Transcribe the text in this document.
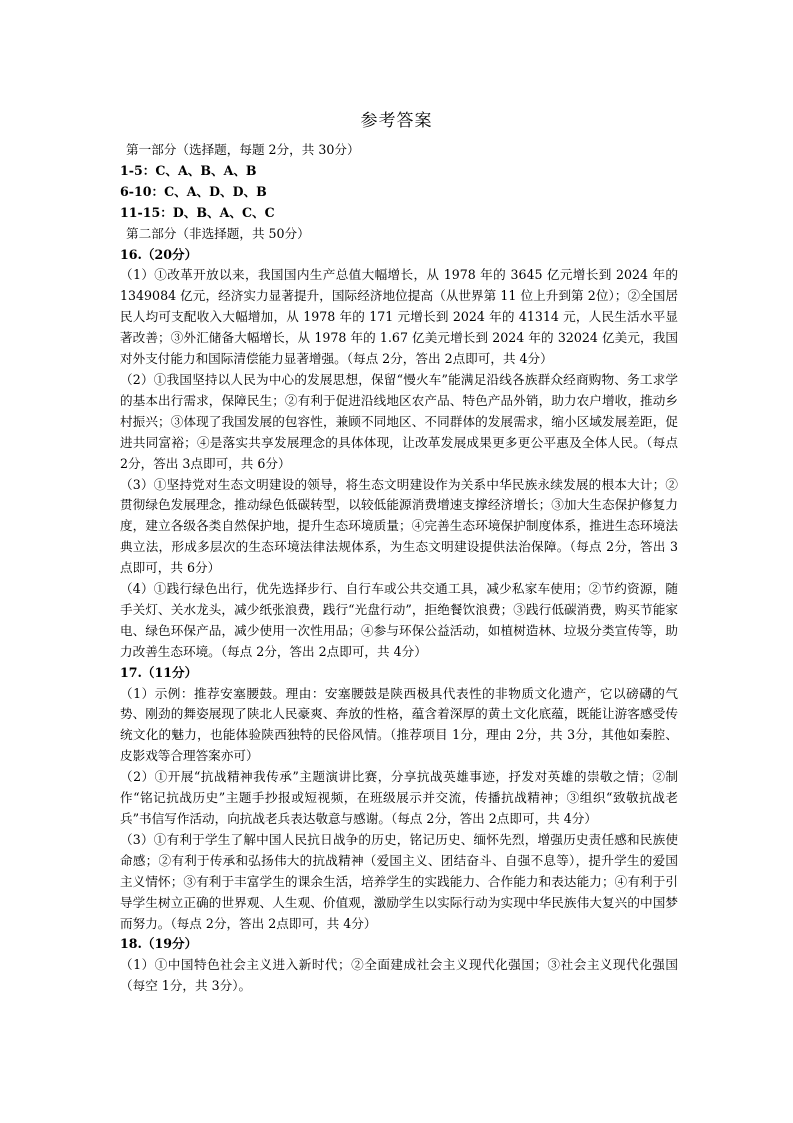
参考答案

第一部分（选择题，每题 2分，共 30分）

1-5：C、A、B、A、B

6-10：C、A、D、D、B

11-15：D、B、A、C、C

第二部分（非选择题，共 50分）

16.（20分）

（1）①改革开放以来，我国国内生产总值大幅增长，从 1978 年的 3645 亿元增长到 2024 年的 1349084 亿元，经济实力显著提升，国际经济地位提高（从世界第 11 位上升到第 2位）；②全国居民人均可支配收入大幅增加，从 1978 年的 171 元增长到 2024 年的 41314 元，人民生活水平显著改善；③外汇储备大幅增长，从 1978 年的 1.67 亿美元增长到 2024 年的 32024 亿美元，我国对外支付能力和国际清偿能力显著增强。（每点 2分，答出 2点即可，共 4分）

（2）①我国坚持以人民为中心的发展思想，保留“慢火车”能满足沿线各族群众经商购物、务工求学的基本出行需求，保障民生；②有利于促进沿线地区农产品、特色产品外销，助力农户增收，推动乡村振兴；③体现了我国发展的包容性，兼顾不同地区、不同群体的发展需求，缩小区域发展差距，促进共同富裕；④是落实共享发展理念的具体体现，让改革发展成果更多更公平惠及全体人民。（每点 2分，答出 3点即可，共 6分）

（3）①坚持党对生态文明建设的领导，将生态文明建设作为关系中华民族永续发展的根本大计；②贯彻绿色发展理念，推动绿色低碳转型，以较低能源消费增速支撑经济增长；③加大生态保护修复力度，建立各级各类自然保护地，提升生态环境质量；④完善生态环境保护制度体系，推进生态环境法典立法，形成多层次的生态环境法律法规体系，为生态文明建设提供法治保障。（每点 2分，答出 3点即可，共 6分）

（4）①践行绿色出行，优先选择步行、自行车或公共交通工具，减少私家车使用；②节约资源，随手关灯、关水龙头，减少纸张浪费，践行“光盘行动”，拒绝餐饮浪费；③践行低碳消费，购买节能家电、绿色环保产品，减少使用一次性用品；④参与环保公益活动，如植树造林、垃圾分类宣传等，助力改善生态环境。（每点 2分，答出 2点即可，共 4分）

17.（11分）

（1）示例：推荐安塞腰鼓。理由：安塞腰鼓是陕西极具代表性的非物质文化遗产，它以磅礴的气势、刚劲的舞姿展现了陕北人民豪爽、奔放的性格，蕴含着深厚的黄土文化底蕴，既能让游客感受传统文化的魅力，也能体验陕西独特的民俗风情。（推荐项目 1分，理由 2分，共 3分，其他如秦腔、皮影戏等合理答案亦可）

（2）①开展“抗战精神我传承”主题演讲比赛，分享抗战英雄事迹，抒发对英雄的崇敬之情；②制作“铭记抗战历史”主题手抄报或短视频，在班级展示并交流，传播抗战精神；③组织“致敬抗战老兵”书信写作活动，向抗战老兵表达敬意与感谢。（每点 2分，答出 2点即可，共 4分）

（3）①有利于学生了解中国人民抗日战争的历史，铭记历史、缅怀先烈，增强历史责任感和民族使命感；②有利于传承和弘扬伟大的抗战精神（爱国主义、团结奋斗、自强不息等），提升学生的爱国主义情怀；③有利于丰富学生的课余生活，培养学生的实践能力、合作能力和表达能力；④有利于引导学生树立正确的世界观、人生观、价值观，激励学生以实际行动为实现中华民族伟大复兴的中国梦而努力。（每点 2分，答出 2点即可，共 4分）

18.（19分）

（1）①中国特色社会主义进入新时代；②全面建成社会主义现代化强国；③社会主义现代化强国（每空 1分，共 3分）。
